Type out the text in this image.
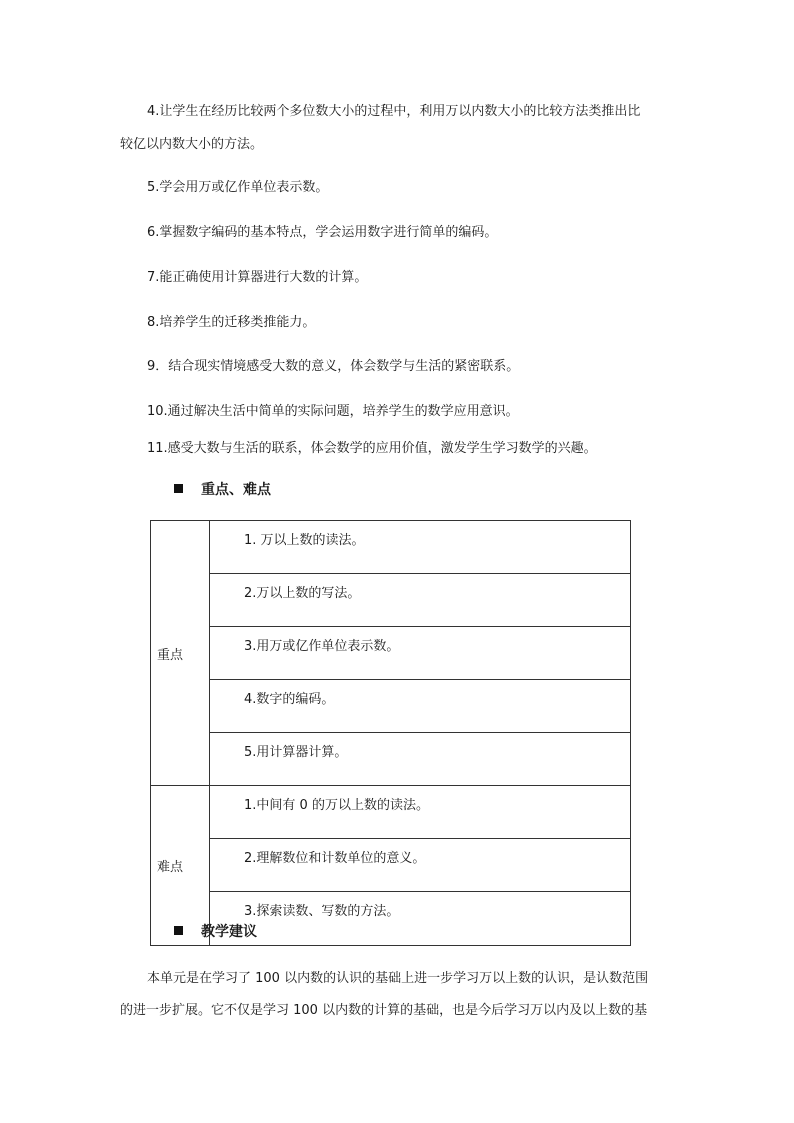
4.让学生在经历比较两个多位数大小的过程中，利用万以内数大小的比较方法类推出比
较亿以内数大小的方法。
5.学会用万或亿作单位表示数。
6.掌握数字编码的基本特点，学会运用数字进行简单的编码。
7.能正确使用计算器进行大数的计算。
8.培养学生的迁移类推能力。
9．结合现实情境感受大数的意义，体会数学与生活的紧密联系。
10.通过解决生活中简单的实际问题，培养学生的数学应用意识。
11.感受大数与生活的联系，体会数学的应用价值，激发学生学习数学的兴趣。
重点、难点
重点	1. 万以上数的读法。
	2.万以上数的写法。
	3.用万或亿作单位表示数。
	4.数字的编码。
	5.用计算器计算。
难点	1.中间有 0 的万以上数的读法。
	2.理解数位和计数单位的意义。
	3.探索读数、写数的方法。
教学建议
本单元是在学习了 100 以内数的认识的基础上进一步学习万以上数的认识，是认数范围
的进一步扩展。它不仅是学习 100 以内数的计算的基础，也是今后学习万以内及以上数的基
